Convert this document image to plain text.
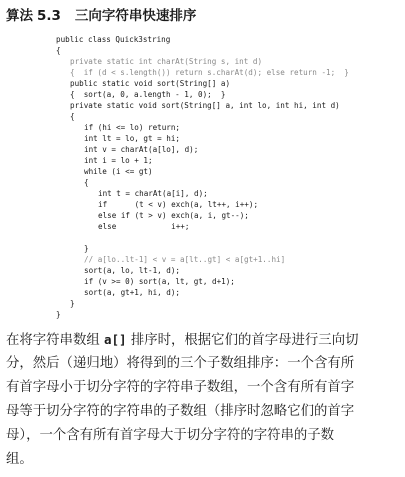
算法 5.3 三向字符串快速排序
public class Quick3string
{
private static int charAt(String s, int d)
{  if (d < s.length()) return s.charAt(d); else return -1;  }
public static void sort(String[] a)
{  sort(a, 0, a.length - 1, 0);  }
private static void sort(String[] a, int lo, int hi, int d)
{
if (hi <= lo) return;
int lt = lo, gt = hi;
int v = charAt(a[lo], d);
int i = lo + 1;
while (i <= gt)
{
int t = charAt(a[i], d);
if      (t < v) exch(a, lt++, i++);
else if (t > v) exch(a, i, gt--);
else            i++;
}
// a[lo..lt-1] < v = a[lt..gt] < a[gt+1..hi]
sort(a, lo, lt-1, d);
if (v >= 0) sort(a, lt, gt, d+1);
sort(a, gt+1, hi, d);
}
}
在将字符串数组 a[] 排序时，根据它们的首字母进行三向切
分，然后（递归地）将得到的三个子数组排序：一个含有所
有首字母小于切分字符的字符串子数组，一个含有所有首字
母等于切分字符的字符串的子数组（排序时忽略它们的首字
母），一个含有所有首字母大于切分字符的字符串的子数
组。
